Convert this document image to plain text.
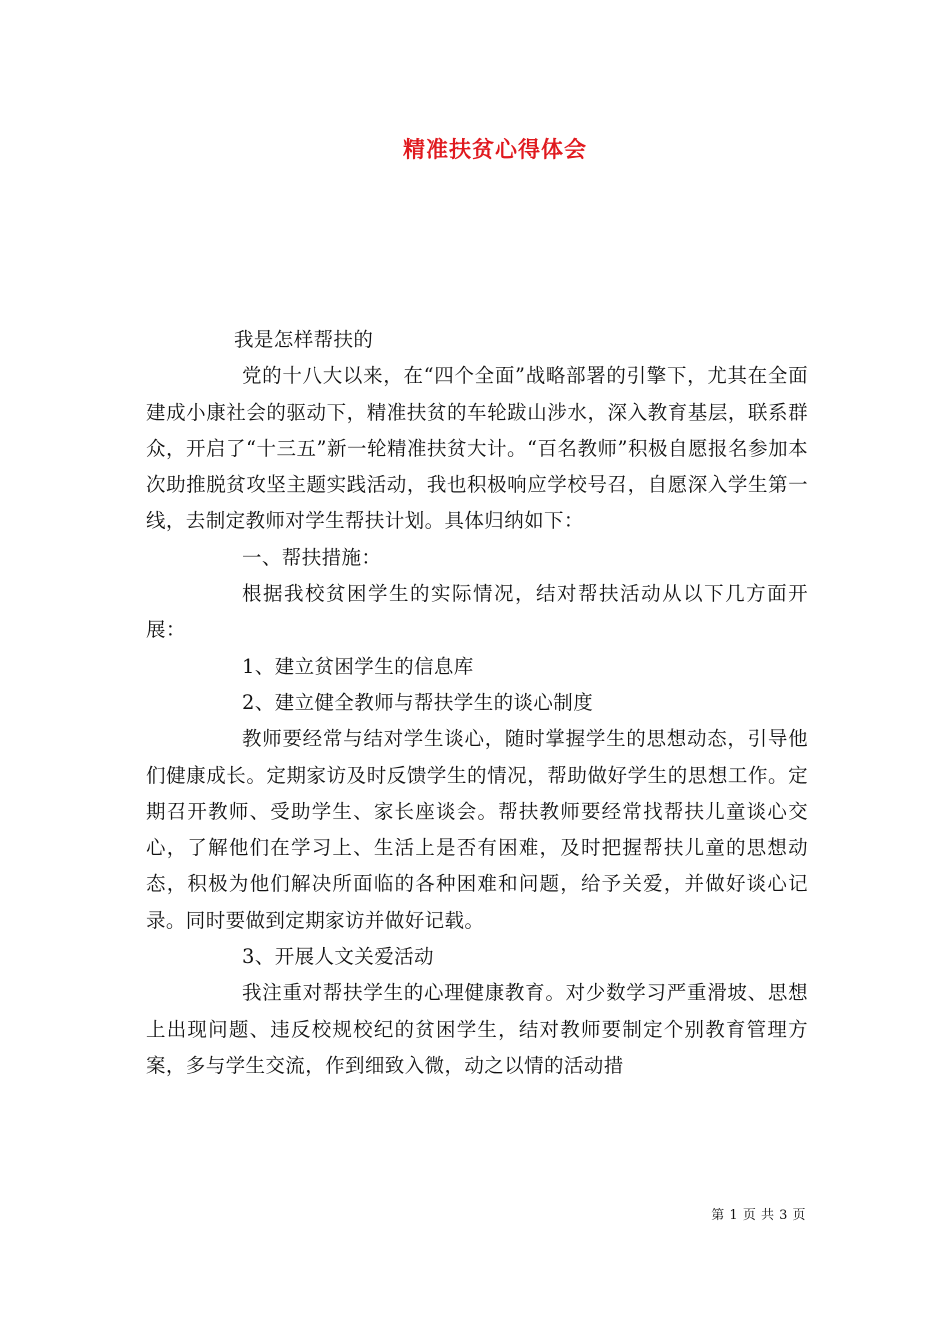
精准扶贫心得体会

我是怎样帮扶的

党的十八大以来，在“四个全面”战略部署的引擎下，尤其在全面建成小康社会的驱动下，精准扶贫的车轮跋山涉水，深入教育基层，联系群众，开启了“十三五”新一轮精准扶贫大计。“百名教师”积极自愿报名参加本次助推脱贫攻坚主题实践活动，我也积极响应学校号召，自愿深入学生第一线，去制定教师对学生帮扶计划。具体归纳如下：

一、帮扶措施：

根据我校贫困学生的实际情况，结对帮扶活动从以下几方面开展：

1、建立贫困学生的信息库

2、建立健全教师与帮扶学生的谈心制度

教师要经常与结对学生谈心，随时掌握学生的思想动态，引导他们健康成长。定期家访及时反馈学生的情况，帮助做好学生的思想工作。定期召开教师、受助学生、家长座谈会。帮扶教师要经常找帮扶儿童谈心交心，了解他们在学习上、生活上是否有困难，及时把握帮扶儿童的思想动态，积极为他们解决所面临的各种困难和问题，给予关爱，并做好谈心记录。同时要做到定期家访并做好记载。

3、开展人文关爱活动

我注重对帮扶学生的心理健康教育。对少数学习严重滑坡、思想上出现问题、违反校规校纪的贫困学生，结对教师要制定个别教育管理方案，多与学生交流，作到细致入微，动之以情的活动措

第 1 页 共 3 页
